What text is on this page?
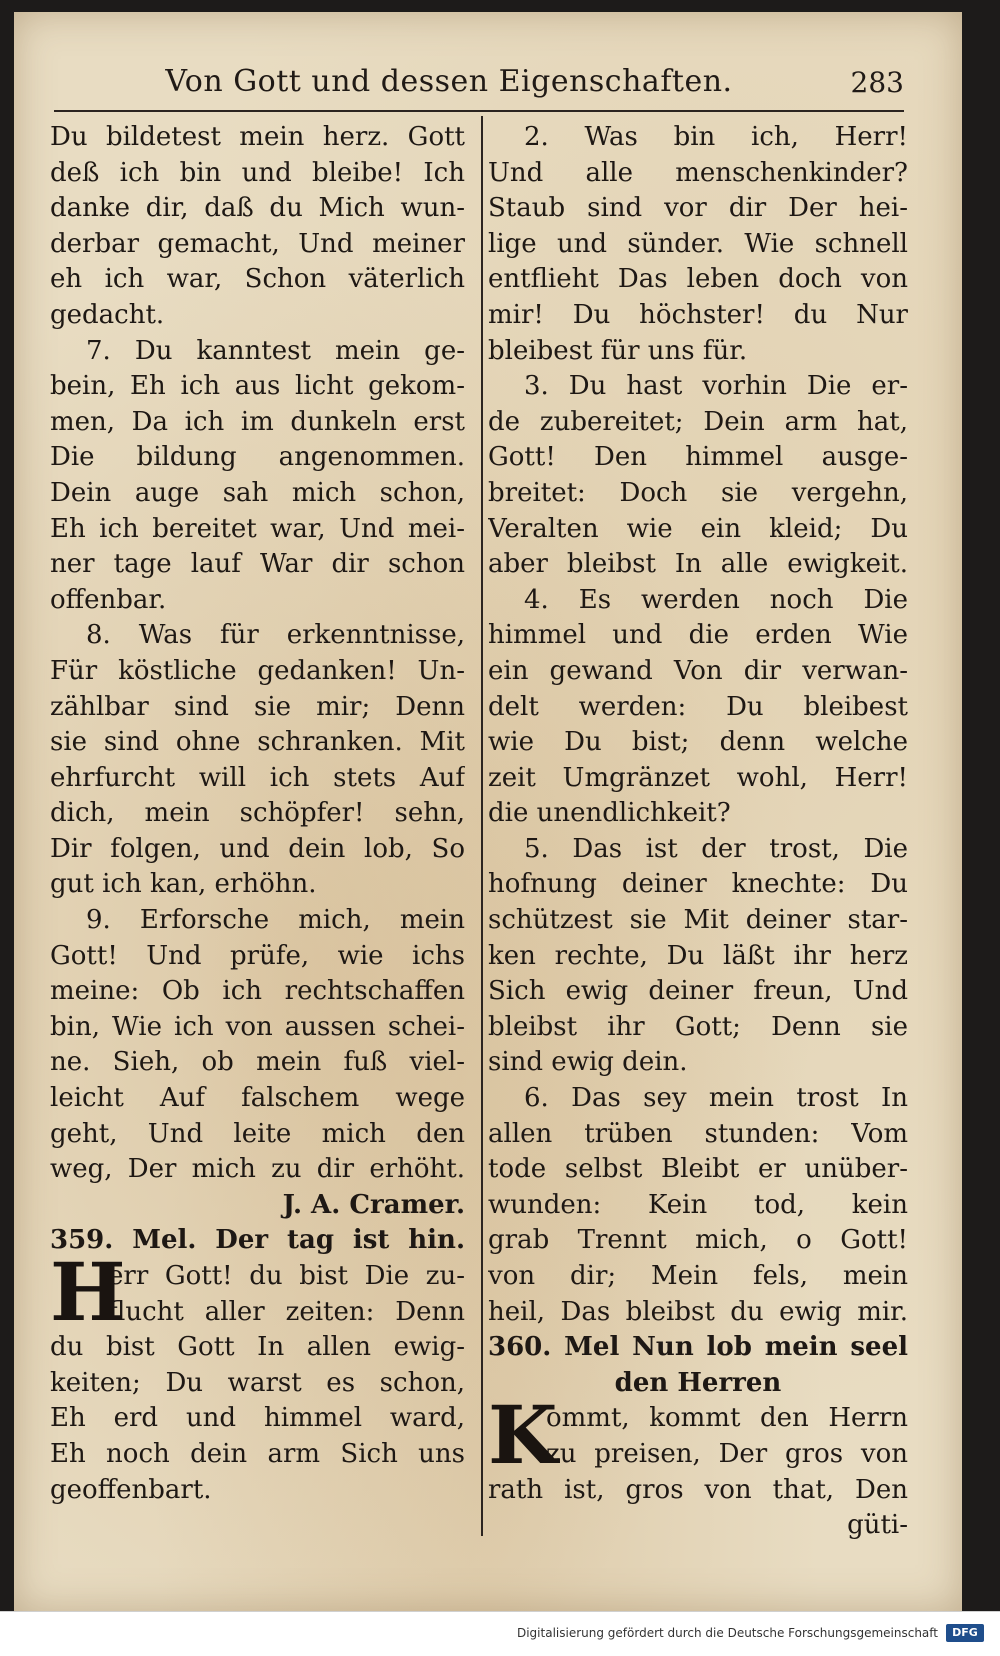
Von Gott und dessen Eigenschaften.	283
Du bildetest mein herz. Gott
deß ich bin und bleibe! Ich
danke dir, daß du Mich wun-
derbar gemacht, Und meiner
eh ich war, Schon väterlich
gedacht.
7. Du kanntest mein ge-
bein, Eh ich aus licht gekom-
men, Da ich im dunkeln erst
Die bildung angenommen.
Dein auge sah mich schon,
Eh ich bereitet war, Und mei-
ner tage lauf War dir schon
offenbar.
8. Was für erkenntnisse,
Für köstliche gedanken! Un-
zählbar sind sie mir; Denn
sie sind ohne schranken. Mit
ehrfurcht will ich stets Auf
dich, mein schöpfer! sehn,
Dir folgen, und dein lob, So
gut ich kan, erhöhn.
9. Erforsche mich, mein
Gott! Und prüfe, wie ichs
meine: Ob ich rechtschaffen
bin, Wie ich von aussen schei-
ne. Sieh, ob mein fuß viel-
leicht Auf falschem wege
geht, Und leite mich den
weg, Der mich zu dir erhöht.
J. A. Cramer.
359. Mel. Der tag ist hin.
err Gott! du bist Die zu-
flucht aller zeiten: Denn
du bist Gott In allen ewig-
keiten; Du warst es schon,
Eh erd und himmel ward,
Eh noch dein arm Sich uns
geoffenbart.
H
2. Was bin ich, Herr!
Und alle menschenkinder?
Staub sind vor dir Der hei-
lige und sünder. Wie schnell
entflieht Das leben doch von
mir! Du höchster! du Nur
bleibest für uns für.
3. Du hast vorhin Die er-
de zubereitet; Dein arm hat,
Gott! Den himmel ausge-
breitet: Doch sie vergehn,
Veralten wie ein kleid; Du
aber bleibst In alle ewigkeit.
4. Es werden noch Die
himmel und die erden Wie
ein gewand Von dir verwan-
delt werden: Du bleibest
wie Du bist; denn welche
zeit Umgränzet wohl, Herr!
die unendlichkeit?
5. Das ist der trost, Die
hofnung deiner knechte: Du
schützest sie Mit deiner star-
ken rechte, Du läßt ihr herz
Sich ewig deiner freun, Und
bleibst ihr Gott; Denn sie
sind ewig dein.
6. Das sey mein trost In
allen trüben stunden: Vom
tode selbst Bleibt er unüber-
wunden: Kein tod, kein
grab Trennt mich, o Gott!
von dir; Mein fels, mein
heil, Das bleibst du ewig mir.
360. Mel Nun lob mein seel
den Herren
ommt, kommt den Herrn
zu preisen, Der gros von
rath ist, gros von that, Den
güti-
K
Digitalisierung gefördert durch die Deutsche Forschungsgemeinschaft	DFG
